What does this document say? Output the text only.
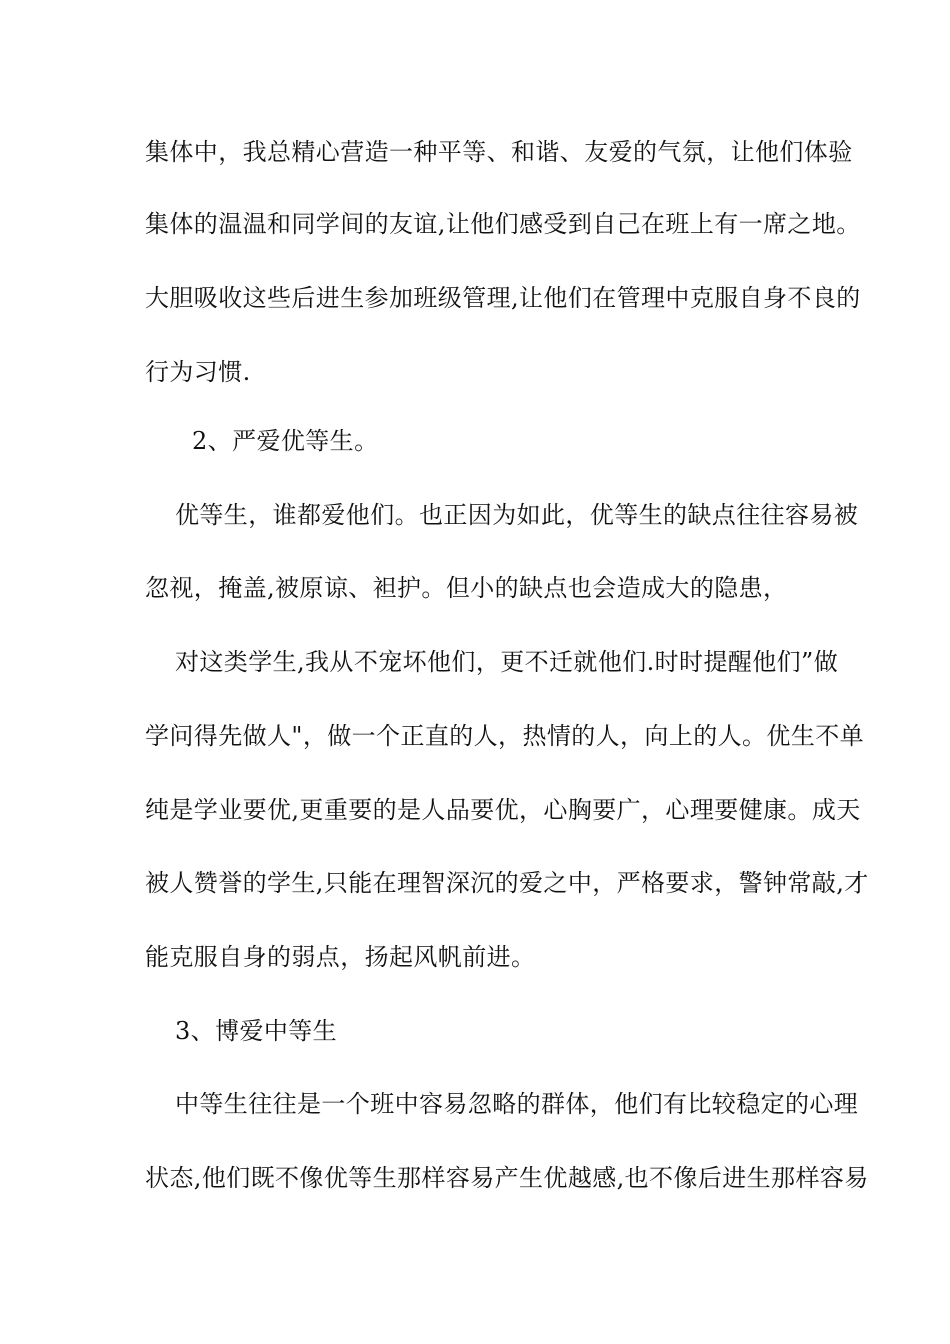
集体中，我总精心营造一种平等、和谐、友爱的气氛，让他们体验
集体的温温和同学间的友谊,让他们感受到自己在班上有一席之地。
大胆吸收这些后进生参加班级管理,让他们在管理中克服自身不良的
行为习惯.
2、严爱优等生。
优等生，谁都爱他们。也正因为如此，优等生的缺点往往容易被
忽视，掩盖,被原谅、袒护。但小的缺点也会造成大的隐患，
对这类学生,我从不宠坏他们，更不迁就他们.时时提醒他们”做
学问得先做人"，做一个正直的人，热情的人，向上的人。优生不单
纯是学业要优,更重要的是人品要优，心胸要广，心理要健康。成天
被人赞誉的学生,只能在理智深沉的爱之中，严格要求，警钟常敲,才
能克服自身的弱点，扬起风帆前进。
3、博爱中等生
中等生往往是一个班中容易忽略的群体，他们有比较稳定的心理
状态,他们既不像优等生那样容易产生优越感,也不像后进生那样容易
